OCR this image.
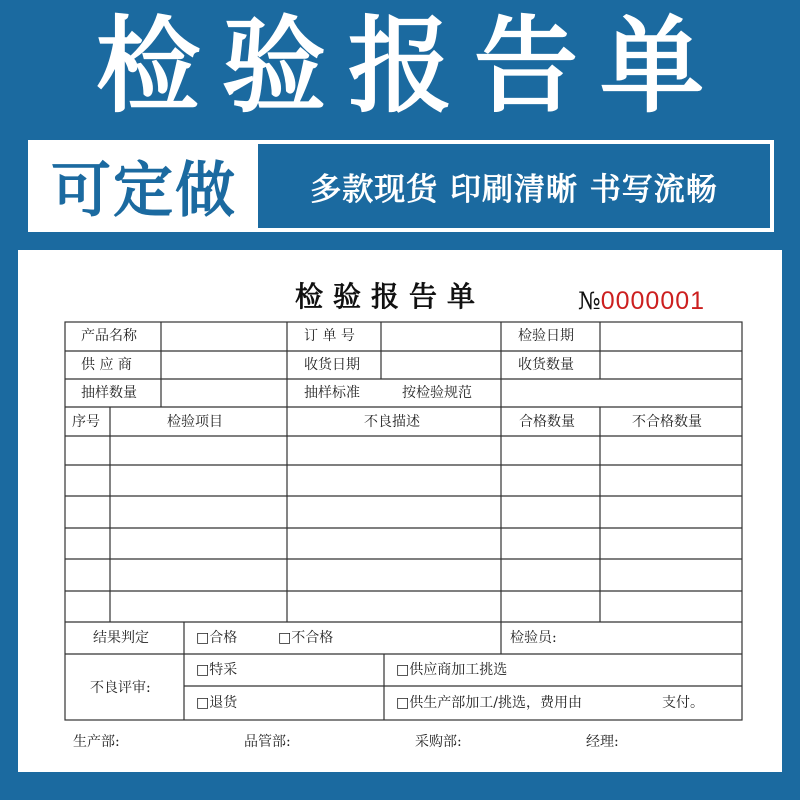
检验报告单
可定做	多款现货 印刷清晰 书写流畅
检验报告单	№0000001
产品名称	订 单 号	检验日期
供 应 商	收货日期	收货数量
抽样数量	抽样标准	按检验规范
序号	检验项目	不良描述	合格数量	不合格数量
结果判定	□合格	□不合格	检验员:
不良评审:
□特采	□供应商加工挑选
□退货	□供生产部加工/挑选，费用由	支付。
生产部:	品管部:	采购部:	经理:
